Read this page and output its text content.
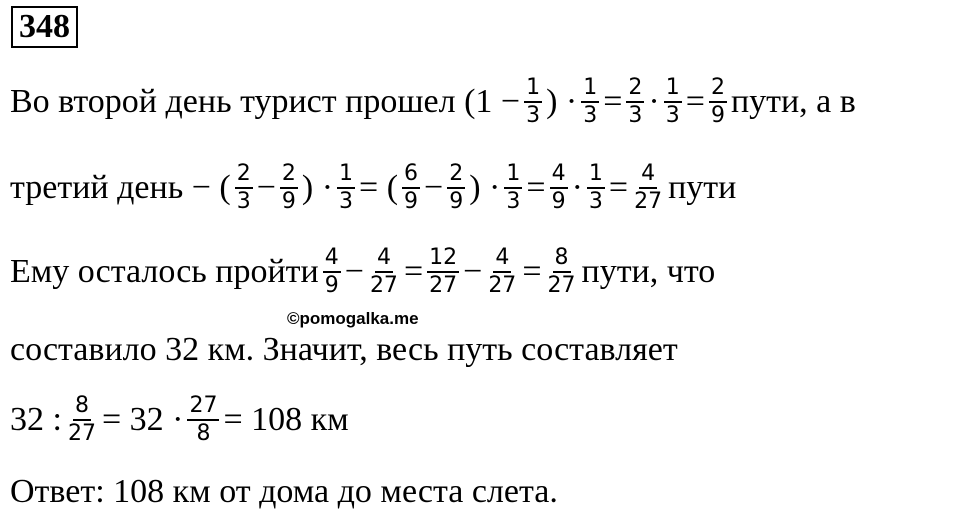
348
Во второй день турист прошел ($1 - \frac{1}{3}$ ) · $\frac{1}{3} = \frac{2}{3} \cdot \frac{1}{3} = \frac{2}{9}$ пути, а в
третий день − ( $\frac{2}{3} - \frac{2}{9}$ ) · $\frac{1}{3}$ = ( $\frac{6}{9} - \frac{2}{9}$ ) · $\frac{1}{3} = \frac{4}{9} \cdot \frac{1}{3} = \frac{4}{27}$ пути
Ему осталось пройти $\frac{4}{9} - \frac{4}{27} = \frac{12}{27} - \frac{4}{27} = \frac{8}{27}$ пути, что
©pomogalka.me
составило 32 км. Значит, весь путь составляет
32 : $\frac{8}{27} = 32 \cdot \frac{27}{8} = 108$ км
Ответ: 108 км от дома до места слета.
